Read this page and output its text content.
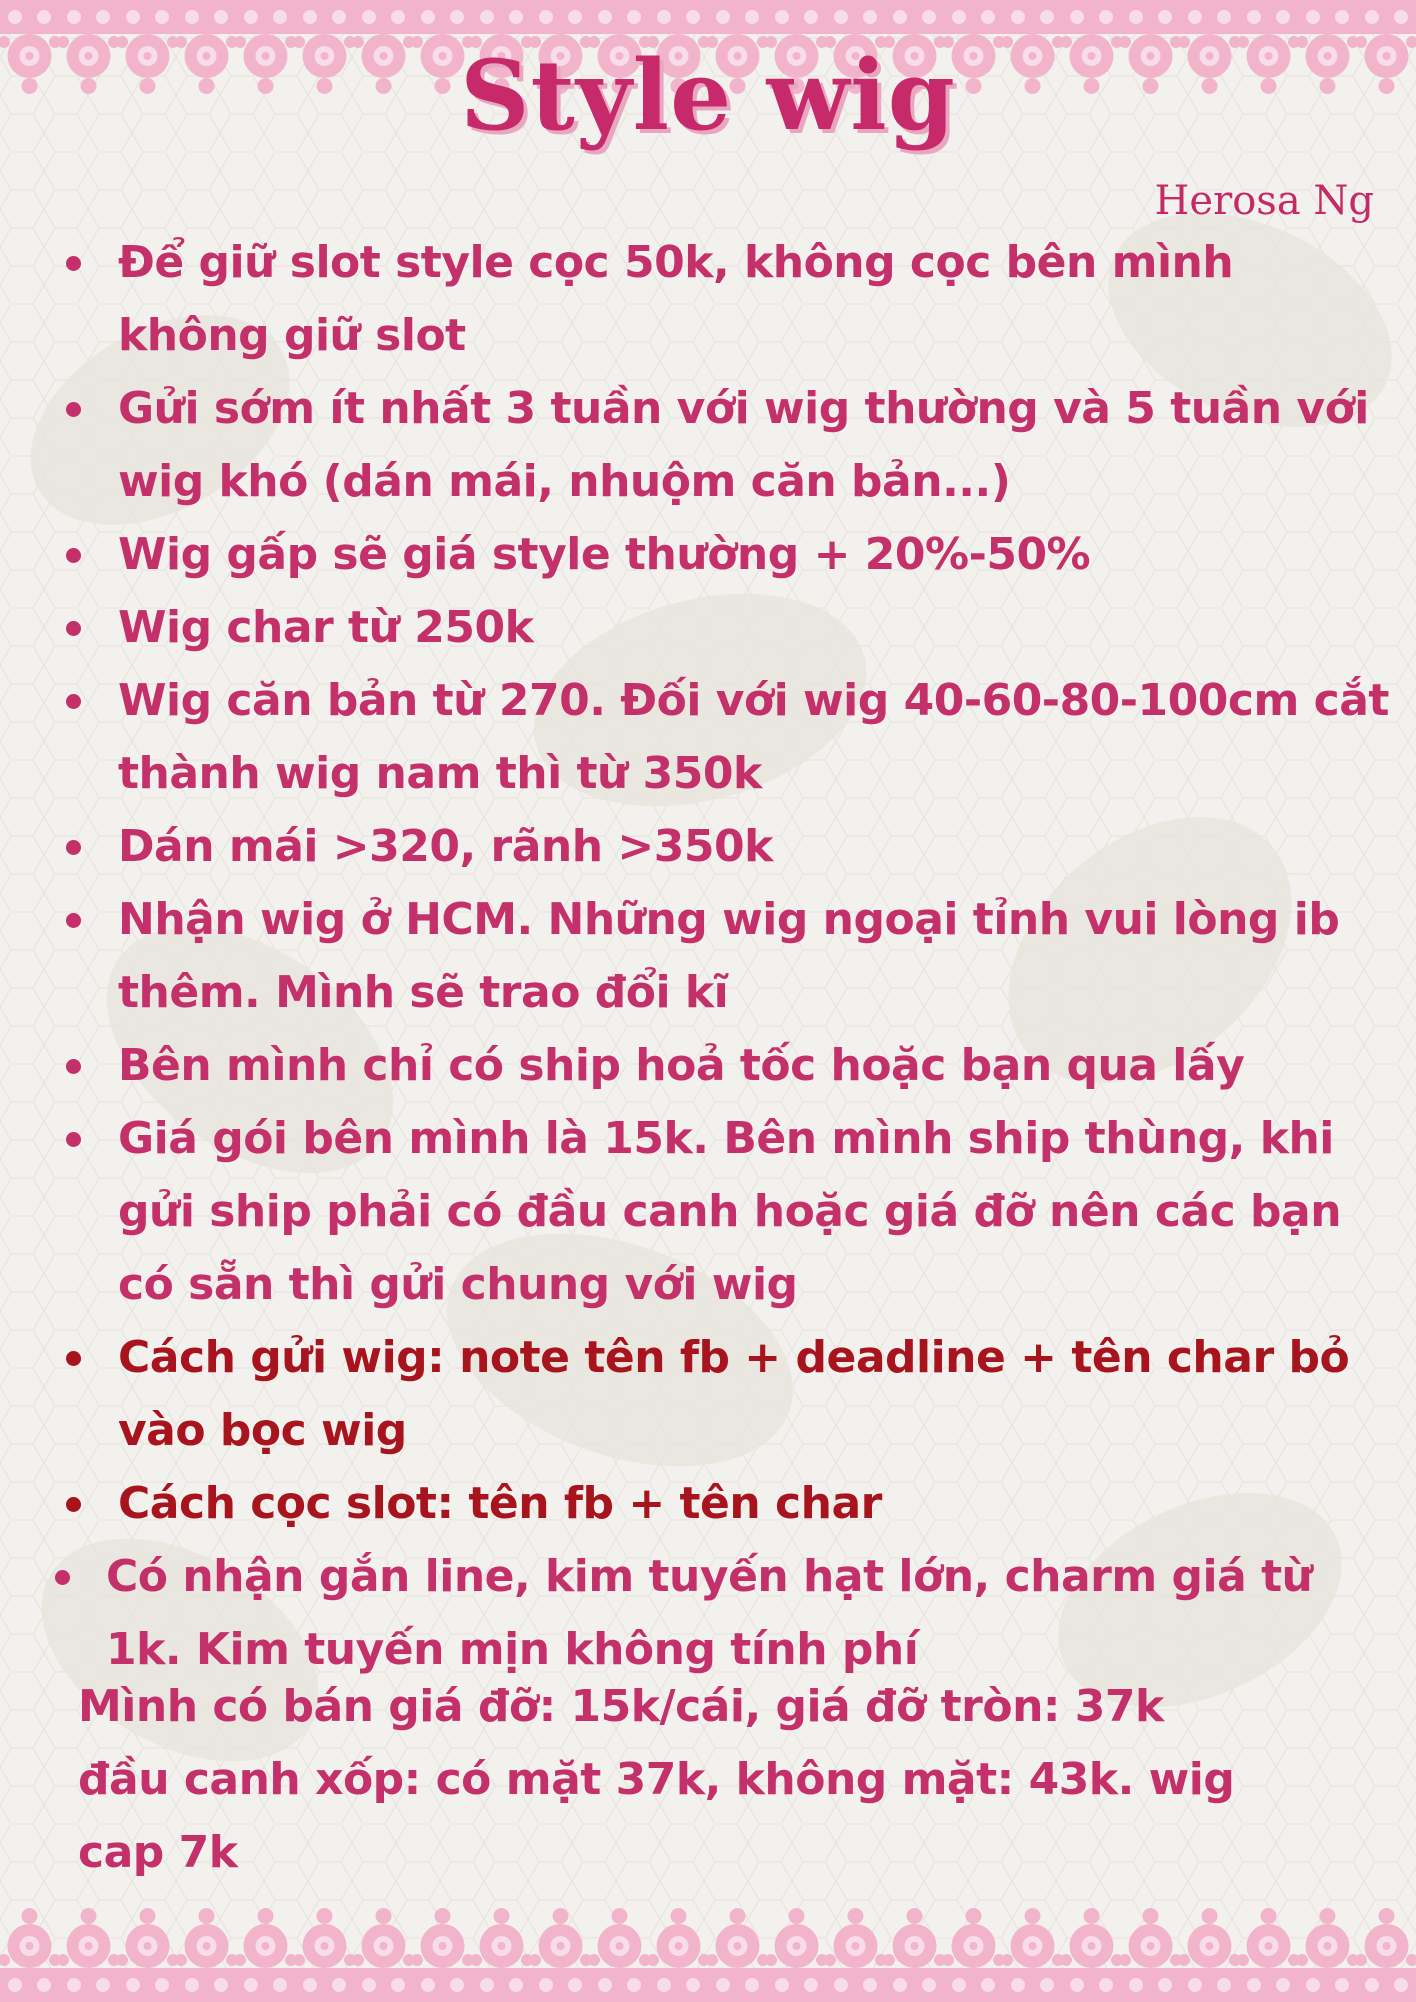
Style wig
Herosa Ng
Để giữ slot style cọc 50k, không cọc bên mình không giữ slot
Gửi sớm ít nhất 3 tuần với wig thường và 5 tuần với wig khó (dán mái, nhuộm căn bản...)
Wig gấp sẽ giá style thường + 20%-50%
Wig char từ 250k
Wig căn bản từ 270. Đối với wig 40-60-80-100cm cắt thành wig nam thì từ 350k
Dán mái >320, rãnh >350k
Nhận wig ở HCM. Những wig ngoại tỉnh vui lòng ib thêm. Mình sẽ trao đổi kĩ
Bên mình chỉ có ship hoả tốc hoặc bạn qua lấy
Giá gói bên mình là 15k. Bên mình ship thùng, khi gửi ship phải có đầu canh hoặc giá đỡ nên các bạn có sẵn thì gửi chung với wig
Cách gửi wig: note tên fb + deadline + tên char bỏ vào bọc wig
Cách cọc slot: tên fb + tên char
Có nhận gắn line, kim tuyến hạt lớn, charm giá từ 1k. Kim tuyến mịn không tính phí
Mình có bán giá đỡ: 15k/cái, giá đỡ tròn: 37k
đầu canh xốp: có mặt 37k, không mặt: 43k. wig
cap 7k
